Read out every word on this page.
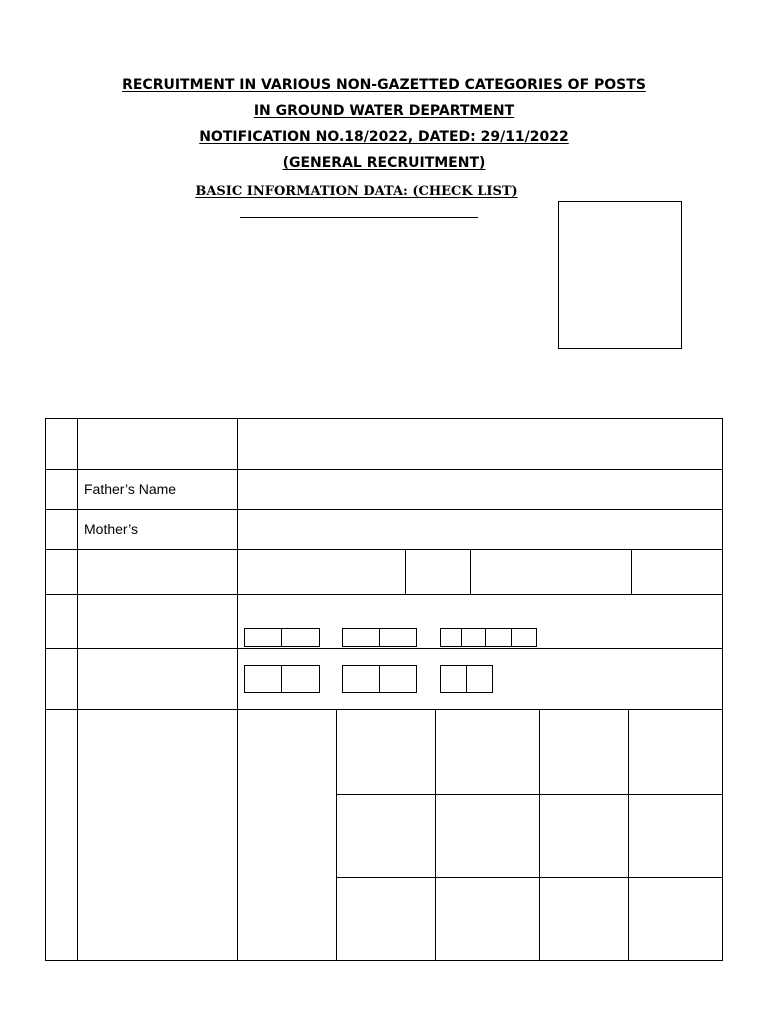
RECRUITMENT IN VARIOUS NON-GAZETTED CATEGORIES OF POSTS
IN GROUND WATER DEPARTMENT
NOTIFICATION NO.18/2022, DATED: 29/11/2022
(GENERAL RECRUITMENT)
BASIC INFORMATION DATA: (CHECK LIST)
Father’s Name
Mother’s
